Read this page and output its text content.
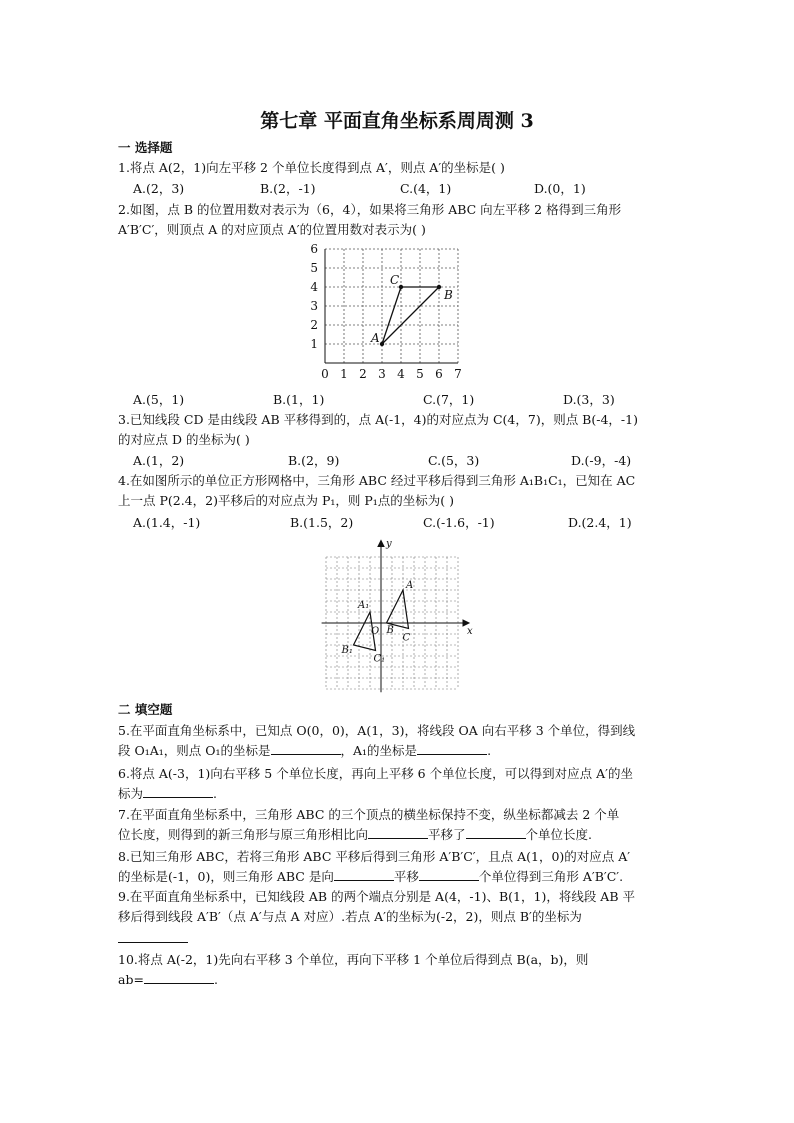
第七章 平面直角坐标系周周测 3
一 选择题
1.将点 A(2，1)向左平移 2 个单位长度得到点 A′，则点 A′的坐标是( )
A.(2，3)	B.(2，-1)	C.(4，1)	D.(0，1)
2.如图，点 B 的位置用数对表示为（6，4），如果将三角形 ABC 向左平移 2 格得到三角形
A′B′C′，则顶点 A 的对应顶点 A′的位置用数对表示为( )
0 1 2 3 4 5 6 7
1
2
3
4
5
6
A
B
C
A.(5，1)	B.(1，1)	C.(7，1)	D.(3，3)
3.已知线段 CD 是由线段 AB 平移得到的，点 A(-1，4)的对应点为 C(4，7)，则点 B(-4，-1)
的对应点 D 的坐标为( )
A.(1，2)	B.(2，9)	C.(5，3)	D.(-9，-4)
4.在如图所示的单位正方形网格中，三角形 ABC 经过平移后得到三角形 A₁B₁C₁，已知在 AC
上一点 P(2.4，2)平移后的对应点为 P₁，则 P₁点的坐标为( )
A.(1.4，-1)	B.(1.5，2)	C.(-1.6，-1)	D.(2.4，1)
x
y
O
A
B
C
A₁
B₁
C₁
二 填空题
5.在平面直角坐标系中，已知点 O(0，0)，A(1，3)，将线段 OA 向右平移 3 个单位，得到线
段 O₁A₁，则点 O₁的坐标是	，A₁的坐标是	.
6.将点 A(-3，1)向右平移 5 个单位长度，再向上平移 6 个单位长度，可以得到对应点 A′的坐
标为	.
7.在平面直角坐标系中，三角形 ABC 的三个顶点的横坐标保持不变，纵坐标都减去 2 个单
位长度，则得到的新三角形与原三角形相比向	平移了	个单位长度.
8.已知三角形 ABC，若将三角形 ABC 平移后得到三角形 A′B′C′，且点 A(1，0)的对应点 A′
的坐标是(-1，0)，则三角形 ABC 是向	平移	个单位得到三角形 A′B′C′.
9.在平面直角坐标系中，已知线段 AB 的两个端点分别是 A(4，-1)、B(1，1)，将线段 AB 平
移后得到线段 A′B′（点 A′与点 A 对应）.若点 A′的坐标为(-2，2)，则点 B′的坐标为
10.将点 A(-2，1)先向右平移 3 个单位，再向下平移 1 个单位后得到点 B(a，b)，则
ab=	.
